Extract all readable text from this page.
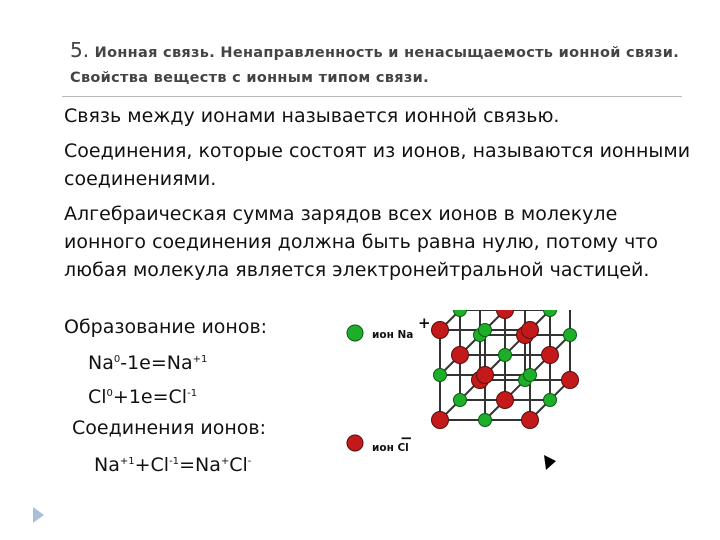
5. Ионная связь. Ненаправленность и ненасыщаемость ионной связи. Свойства веществ с ионным типом связи.
Связь между ионами называется ионной связью.
Соединения, которые состоят из ионов, называются ионными соединениями.
Алгебраическая сумма зарядов всех ионов в молекуле ионного соединения должна быть равна нулю, потому что любая молекула является электронейтральной частицей.
Образование ионов:
$Na^0-1e=Na^{+1}$
$Cl^0+1e=Cl^{-1}$
Соединения ионов:
$Na^{+1}+Cl^{-1}=Na^+Cl^-$
ион Na
+
ион Cl
−
